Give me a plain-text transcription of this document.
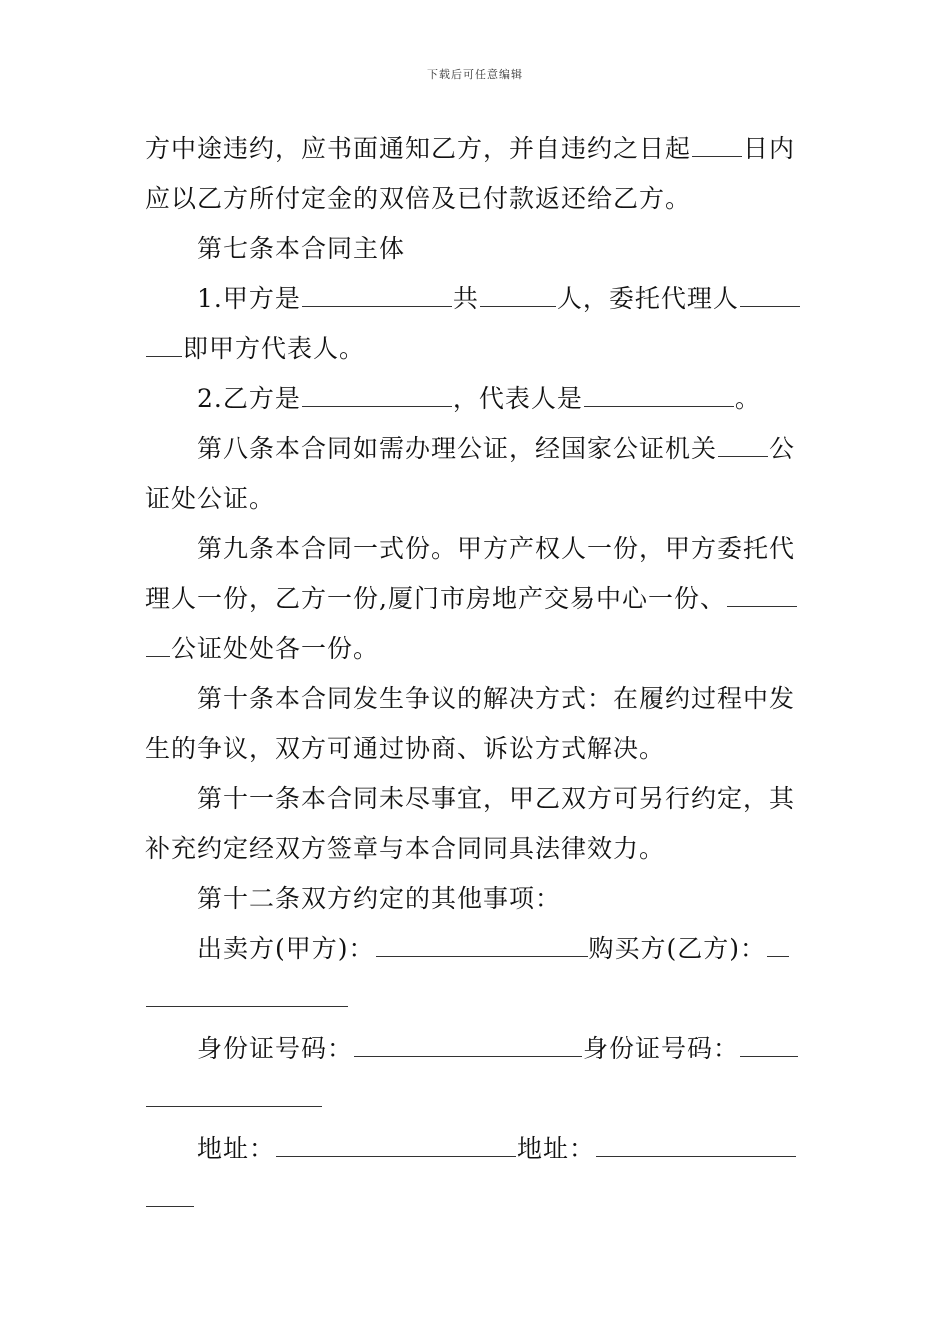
下载后可任意编辑
方中途违约，应书面通知乙方，并自违约之日起 日内
应以乙方所付定金的双倍及已付款返还给乙方。
第七条本合同主体
1.甲方是	共	人，委托代理人
即甲方代表人。
2.乙方是	，代表人是	。
第八条本合同如需办理公证，经国家公证机关 公
证处公证。
第九条本合同一式份。甲方产权人一份，甲方委托代
理人一份，乙方一份,厦门市房地产交易中心一份、
公证处处各一份。
第十条本合同发生争议的解决方式：在履约过程中发
生的争议，双方可通过协商、诉讼方式解决。
第十一条本合同未尽事宜，甲乙双方可另行约定，其
补充约定经双方签章与本合同同具法律效力。
第十二条双方约定的其他事项：
出卖方(甲方)：	购买方(乙方)：
身份证号码：	身份证号码：
地址：	地址：
